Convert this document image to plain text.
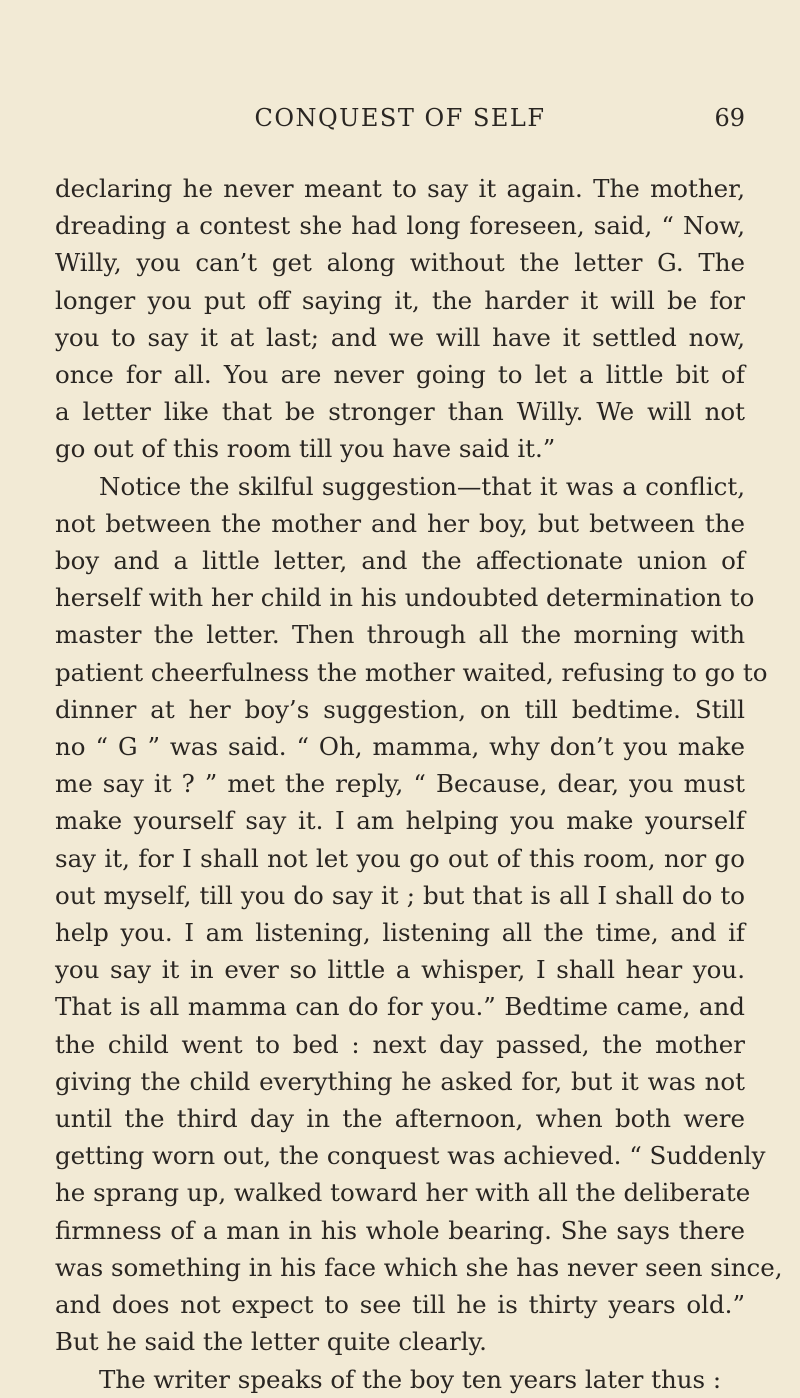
CONQUEST OF SELF	69
declaring he never meant to say it again. The mother,
dreading a contest she had long foreseen, said, “ Now,
Willy, you can’t get along without the letter G. The
longer you put off saying it, the harder it will be for
you to say it at last; and we will have it settled now,
once for all. You are never going to let a little bit of
a letter like that be stronger than Willy. We will not
go out of this room till you have said it.”
Notice the skilful suggestion—that it was a conflict,
not between the mother and her boy, but between the
boy and a little letter, and the affectionate union of
herself with her child in his undoubted determination to
master the letter. Then through all the morning with
patient cheerfulness the mother waited, refusing to go to
dinner at her boy’s suggestion, on till bedtime. Still
no “ G ” was said. “ Oh, mamma, why don’t you make
me say it ? ” met the reply, “ Because, dear, you must
make yourself say it. I am helping you make yourself
say it, for I shall not let you go out of this room, nor go
out myself, till you do say it ; but that is all I shall do to
help you. I am listening, listening all the time, and if
you say it in ever so little a whisper, I shall hear you.
That is all mamma can do for you.” Bedtime came, and
the child went to bed : next day passed, the mother
giving the child everything he asked for, but it was not
until the third day in the afternoon, when both were
getting worn out, the conquest was achieved. “ Suddenly
he sprang up, walked toward her with all the deliberate
firmness of a man in his whole bearing. She says there
was something in his face which she has never seen since,
and does not expect to see till he is thirty years old.”
But he said the letter quite clearly.
The writer speaks of the boy ten years later thus :
